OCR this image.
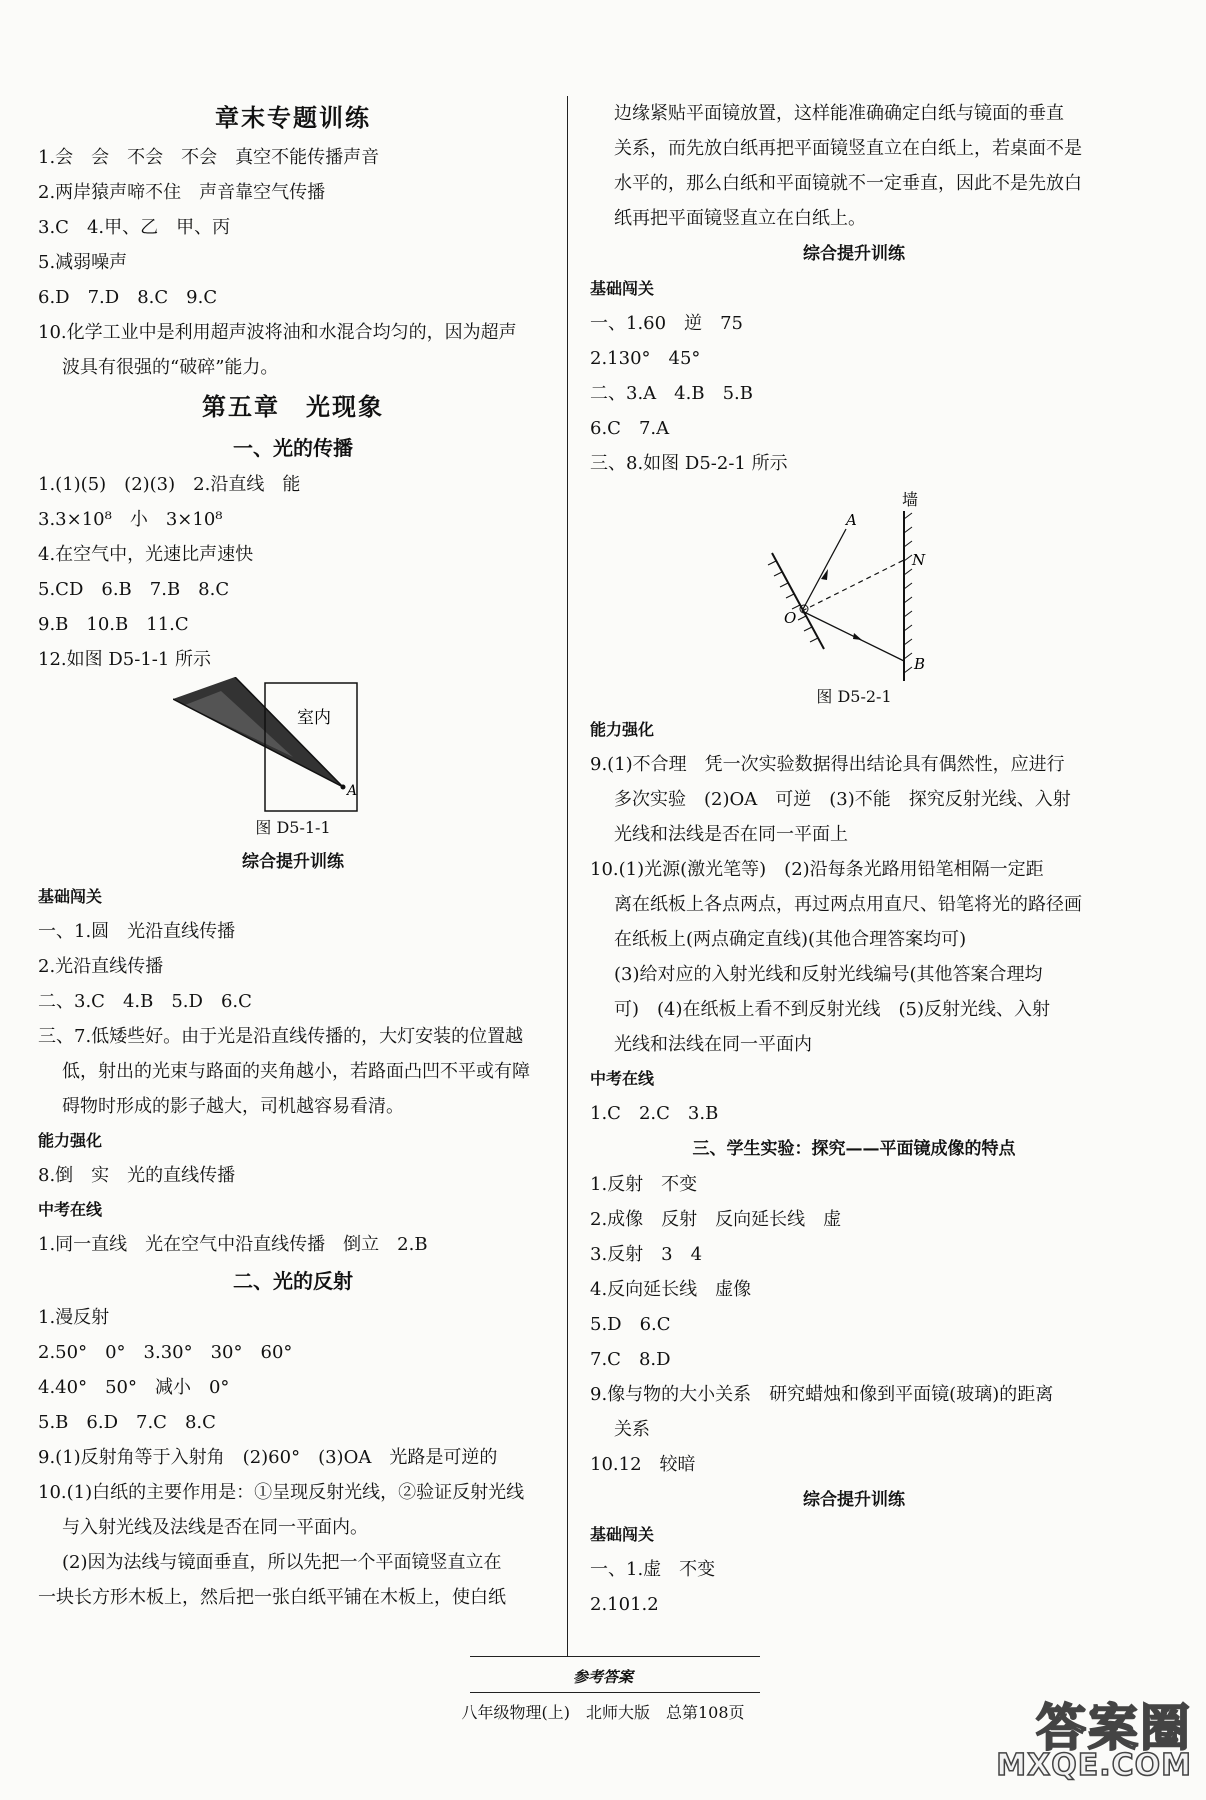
章末专题训练
1.会　会　不会　不会　真空不能传播声音
2.两岸猿声啼不住　声音靠空气传播
3.C　4.甲、乙　甲、丙
5.减弱噪声
6.D　7.D　8.C　9.C
10.化学工业中是利用超声波将油和水混合均匀的，因为超声
波具有很强的“破碎”能力。
第五章　光现象
一、光的传播
1.(1)(5)　(2)(3)　2.沿直线　能
3.3×10⁸　小　3×10⁸
4.在空气中，光速比声速快
5.CD　6.B　7.B　8.C
9.B　10.B　11.C
12.如图 D5-1-1 所示
室内
A
图 D5-1-1
综合提升训练
基础闯关
一、1.圆　光沿直线传播
2.光沿直线传播
二、3.C　4.B　5.D　6.C
三、7.低矮些好。由于光是沿直线传播的，大灯安装的位置越
低，射出的光束与路面的夹角越小，若路面凸凹不平或有障
碍物时形成的影子越大，司机越容易看清。
能力强化
8.倒　实　光的直线传播
中考在线
1.同一直线　光在空气中沿直线传播　倒立　2.B
二、光的反射
1.漫反射
2.50°　0°　3.30°　30°　60°
4.40°　50°　减小　0°
5.B　6.D　7.C　8.C
9.(1)反射角等于入射角　(2)60°　(3)OA　光路是可逆的
10.(1)白纸的主要作用是：①呈现反射光线，②验证反射光线
与入射光线及法线是否在同一平面内。
(2)因为法线与镜面垂直，所以先把一个平面镜竖直立在
一块长方形木板上，然后把一张白纸平铺在木板上，使白纸
边缘紧贴平面镜放置，这样能准确确定白纸与镜面的垂直
关系，而先放白纸再把平面镜竖直立在白纸上，若桌面不是
水平的，那么白纸和平面镜就不一定垂直，因此不是先放白
纸再把平面镜竖直立在白纸上。
综合提升训练
基础闯关
一、1.60　逆　75
2.130°　45°
二、3.A　4.B　5.B
6.C　7.A
三、8.如图 D5-2-1 所示
墙
A
N
O
B
图 D5-2-1
能力强化
9.(1)不合理　凭一次实验数据得出结论具有偶然性，应进行
多次实验　(2)OA　可逆　(3)不能　探究反射光线、入射
光线和法线是否在同一平面上
10.(1)光源(激光笔等)　(2)沿每条光路用铅笔相隔一定距
离在纸板上各点两点，再过两点用直尺、铅笔将光的路径画
在纸板上(两点确定直线)(其他合理答案均可)
(3)给对应的入射光线和反射光线编号(其他答案合理均
可)　(4)在纸板上看不到反射光线　(5)反射光线、入射
光线和法线在同一平面内
中考在线
1.C　2.C　3.B
三、学生实验：探究——平面镜成像的特点
1.反射　不变
2.成像　反射　反向延长线　虚
3.反射　3　4
4.反向延长线　虚像
5.D　6.C
7.C　8.D
9.像与物的大小关系　研究蜡烛和像到平面镜(玻璃)的距离
关系
10.12　较暗
综合提升训练
基础闯关
一、1.虚　不变
2.101.2
参考答案
八年级物理(上)　北师大版　总第108页	答案圈
MXQE.COM
